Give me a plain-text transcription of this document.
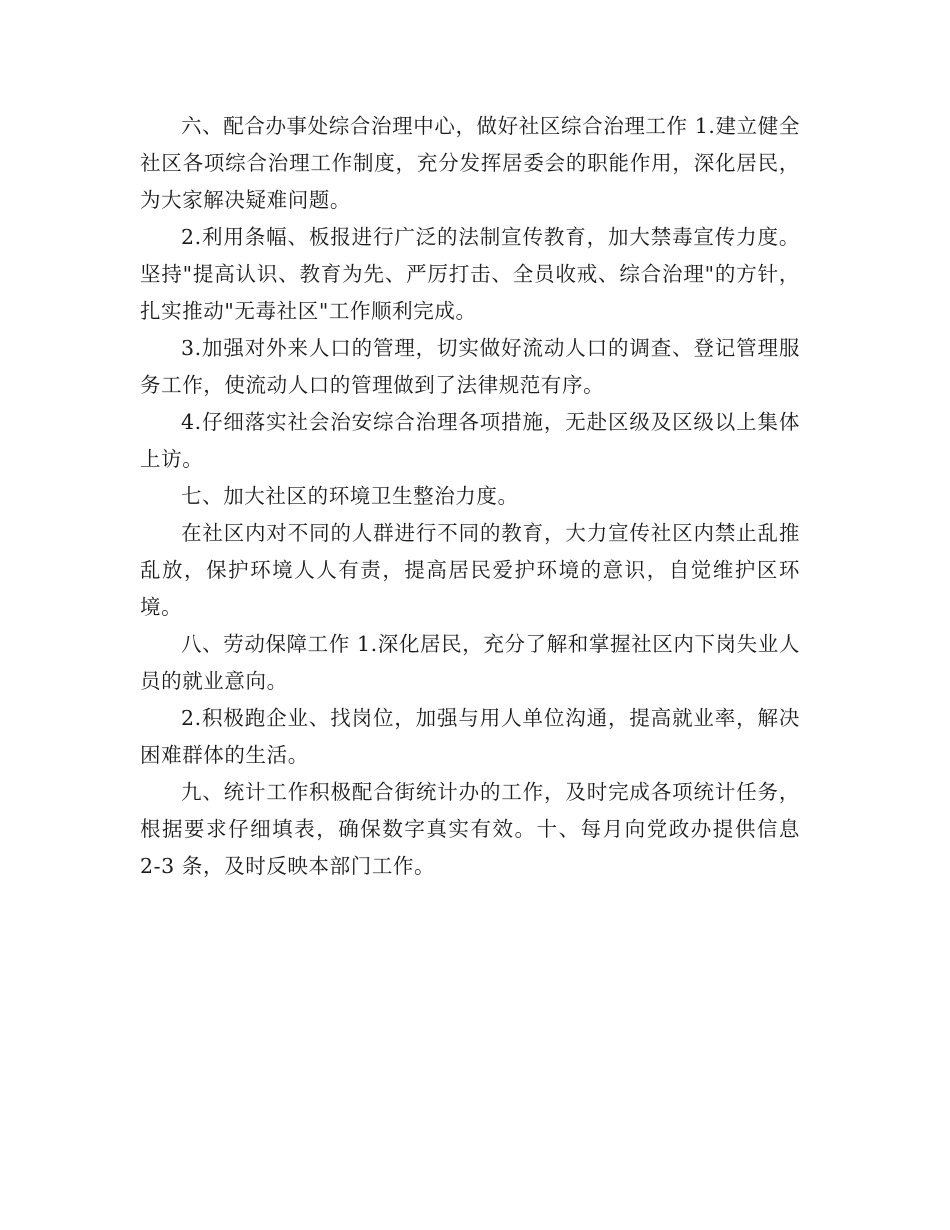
六、配合办事处综合治理中心，做好社区综合治理工作 1.建立健全社区各项综合治理工作制度，充分发挥居委会的职能作用，深化居民，为大家解决疑难问题。

2.利用条幅、板报进行广泛的法制宣传教育，加大禁毒宣传力度。坚持"提高认识、教育为先、严厉打击、全员收戒、综合治理"的方针，扎实推动"无毒社区"工作顺利完成。

3.加强对外来人口的管理，切实做好流动人口的调查、登记管理服务工作，使流动人口的管理做到了法律规范有序。

4.仔细落实社会治安综合治理各项措施，无赴区级及区级以上集体上访。

七、加大社区的环境卫生整治力度。

在社区内对不同的人群进行不同的教育，大力宣传社区内禁止乱推乱放，保护环境人人有责，提高居民爱护环境的意识，自觉维护区环境。

八、劳动保障工作 1.深化居民，充分了解和掌握社区内下岗失业人员的就业意向。

2.积极跑企业、找岗位，加强与用人单位沟通，提高就业率，解决困难群体的生活。

九、统计工作积极配合街统计办的工作，及时完成各项统计任务，根据要求仔细填表，确保数字真实有效。十、每月向党政办提供信息 2-3 条，及时反映本部门工作。
